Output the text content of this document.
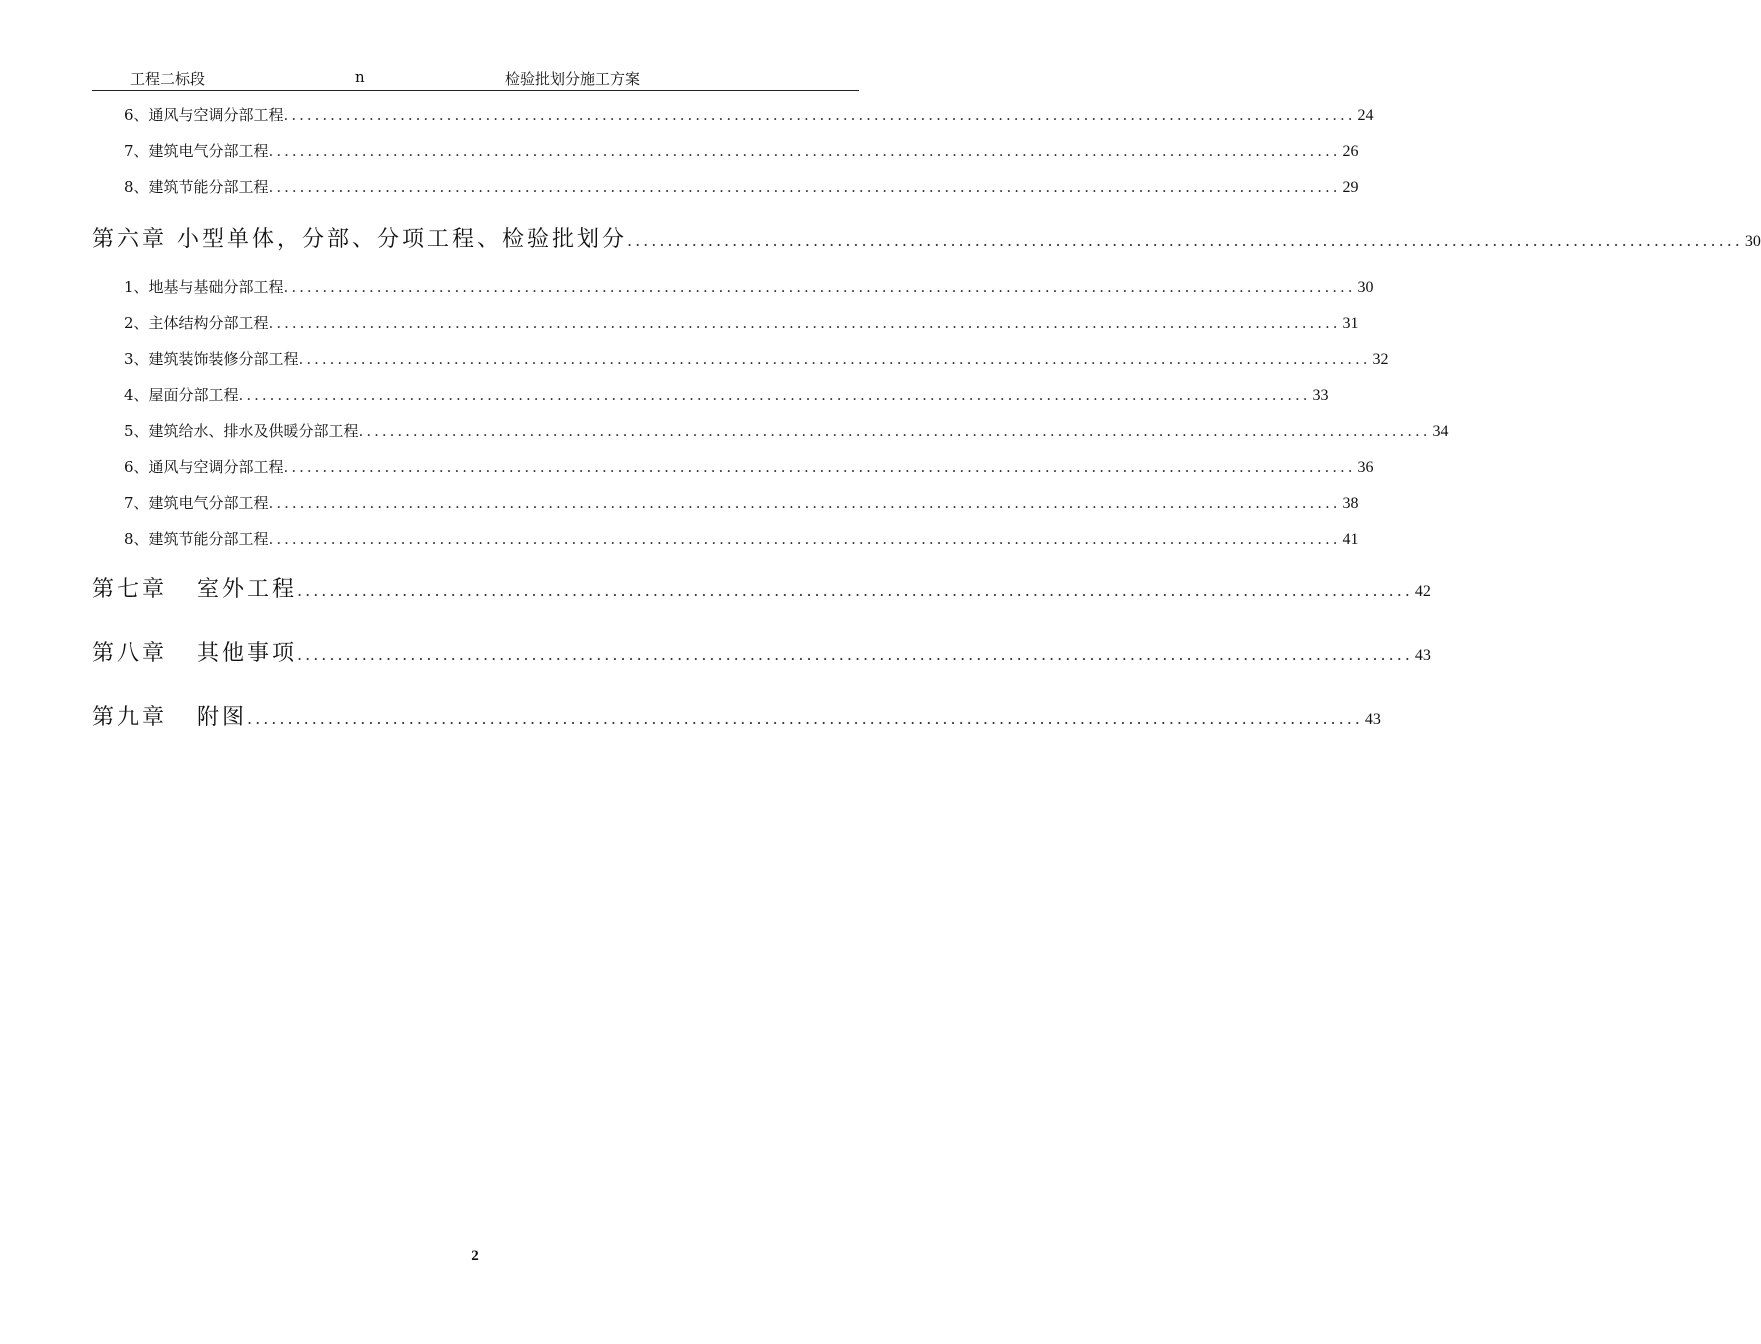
工程二标段	n	检验批划分施工方案
6、通风与空调分部工程 .......................................................................................................................................... 24
7、建筑电气分部工程 .......................................................................................................................................... 26
8、建筑节能分部工程 .......................................................................................................................................... 29
第六章 小型单体，分部、分项工程、检验批划分 .......................................................................................................................................... 30
1、地基与基础分部工程 .......................................................................................................................................... 30
2、主体结构分部工程 .......................................................................................................................................... 31
3、建筑装饰装修分部工程 .......................................................................................................................................... 32
4、屋面分部工程 .......................................................................................................................................... 33
5、建筑给水、排水及供暖分部工程 .......................................................................................................................................... 34
6、通风与空调分部工程 .......................................................................................................................................... 36
7、建筑电气分部工程 .......................................................................................................................................... 38
8、建筑节能分部工程 .......................................................................................................................................... 41
第七章 室外工程 .......................................................................................................................................... 42
第八章 其他事项 .......................................................................................................................................... 43
第九章 附图 .......................................................................................................................................... 43
2
